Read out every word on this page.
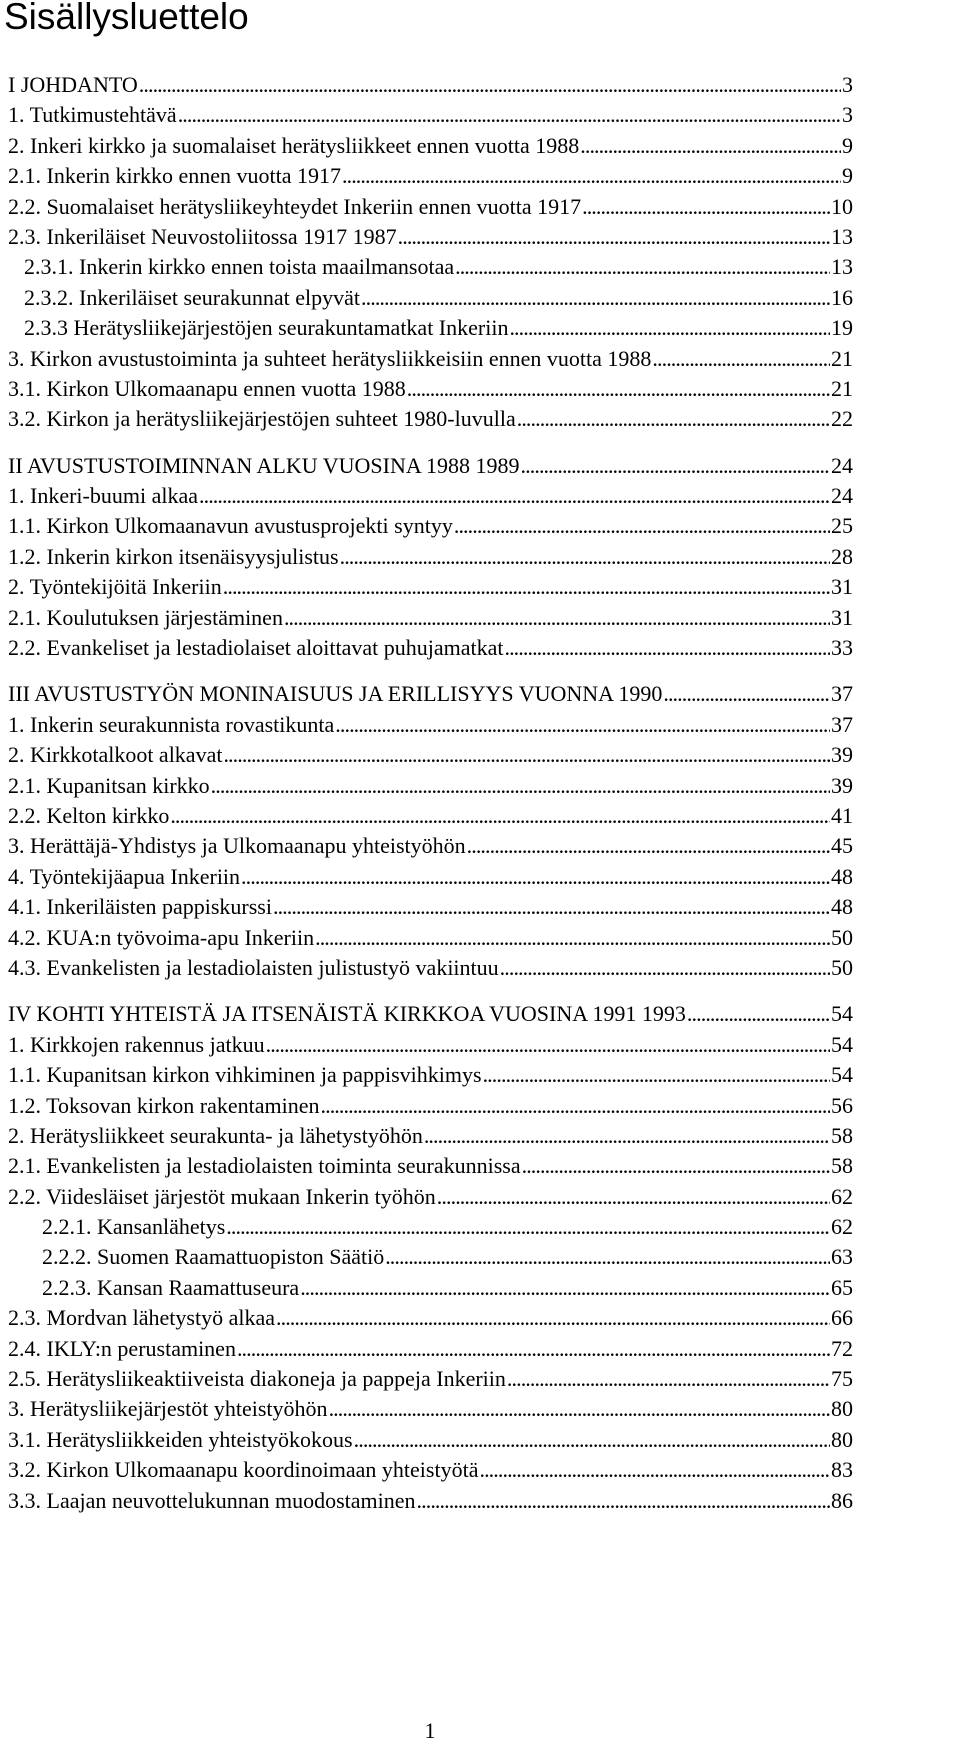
Sisällysluettelo
I JOHDANTO . . .	3
1. Tutkimustehtävä . . .	3
2. Inkeri kirkko ja suomalaiset herätysliikkeet ennen vuotta 1988 . . .	9
2.1. Inkerin kirkko ennen vuotta 1917 . . .	9
2.2. Suomalaiset herätysliikeyhteydet Inkeriin ennen vuotta 1917 . . .	10
2.3. Inkeriläiset Neuvostoliitossa 1917 1987 . . .	13
2.3.1. Inkerin kirkko ennen toista maailmansotaa . . .	13
2.3.2. Inkeriläiset seurakunnat elpyvät . . .	16
2.3.3 Herätysliikejärjestöjen seurakuntamatkat Inkeriin . . .	19
3. Kirkon avustustoiminta ja suhteet herätysliikkeisiin ennen vuotta 1988 . . .	21
3.1. Kirkon Ulkomaanapu ennen vuotta 1988 . . .	21
3.2. Kirkon ja herätysliikejärjestöjen suhteet 1980-luvulla . . .	22
II AVUSTUSTOIMINNAN ALKU VUOSINA 1988 1989 . . .	24
1. Inkeri-buumi alkaa . . .	24
1.1. Kirkon Ulkomaanavun avustusprojekti syntyy . . .	25
1.2. Inkerin kirkon itsenäisyysjulistus . . .	28
2. Työntekijöitä Inkeriin . . .	31
2.1. Koulutuksen järjestäminen . . .	31
2.2. Evankeliset ja lestadiolaiset aloittavat puhujamatkat . . .	33
III AVUSTUSTYÖN MONINAISUUS JA ERILLISYYS VUONNA 1990 . . .	37
1. Inkerin seurakunnista rovastikunta . . .	37
2. Kirkkotalkoot alkavat . . .	39
2.1. Kupanitsan kirkko . . .	39
2.2. Kelton kirkko . . .	41
3. Herättäjä-Yhdistys ja Ulkomaanapu yhteistyöhön . . .	45
4. Työntekijäapua Inkeriin . . .	48
4.1. Inkeriläisten pappiskurssi . . .	48
4.2. KUA:n työvoima-apu Inkeriin . . .	50
4.3. Evankelisten ja lestadiolaisten julistustyö vakiintuu . . .	50
IV KOHTI YHTEISTÄ JA ITSENÄISTÄ KIRKKOA VUOSINA 1991 1993 . . .	54
1. Kirkkojen rakennus jatkuu . . .	54
1.1. Kupanitsan kirkon vihkiminen ja pappisvihkimys . . .	54
1.2. Toksovan kirkon rakentaminen . . .	56
2. Herätysliikkeet seurakunta- ja lähetystyöhön . . .	58
2.1. Evankelisten ja lestadiolaisten toiminta seurakunnissa . . .	58
2.2. Viidesläiset järjestöt mukaan Inkerin työhön . . .	62
2.2.1. Kansanlähetys . . .	62
2.2.2. Suomen Raamattuopiston Säätiö . . .	63
2.2.3. Kansan Raamattuseura . . .	65
2.3. Mordvan lähetystyö alkaa . . .	66
2.4. IKLY:n perustaminen . . .	72
2.5. Herätysliikeaktiiveista diakoneja ja pappeja Inkeriin . . .	75
3. Herätysliikejärjestöt yhteistyöhön . . .	80
3.1. Herätysliikkeiden yhteistyökokous . . .	80
3.2. Kirkon Ulkomaanapu koordinoimaan yhteistyötä . . .	83
3.3. Laajan neuvottelukunnan muodostaminen . . .	86
1
